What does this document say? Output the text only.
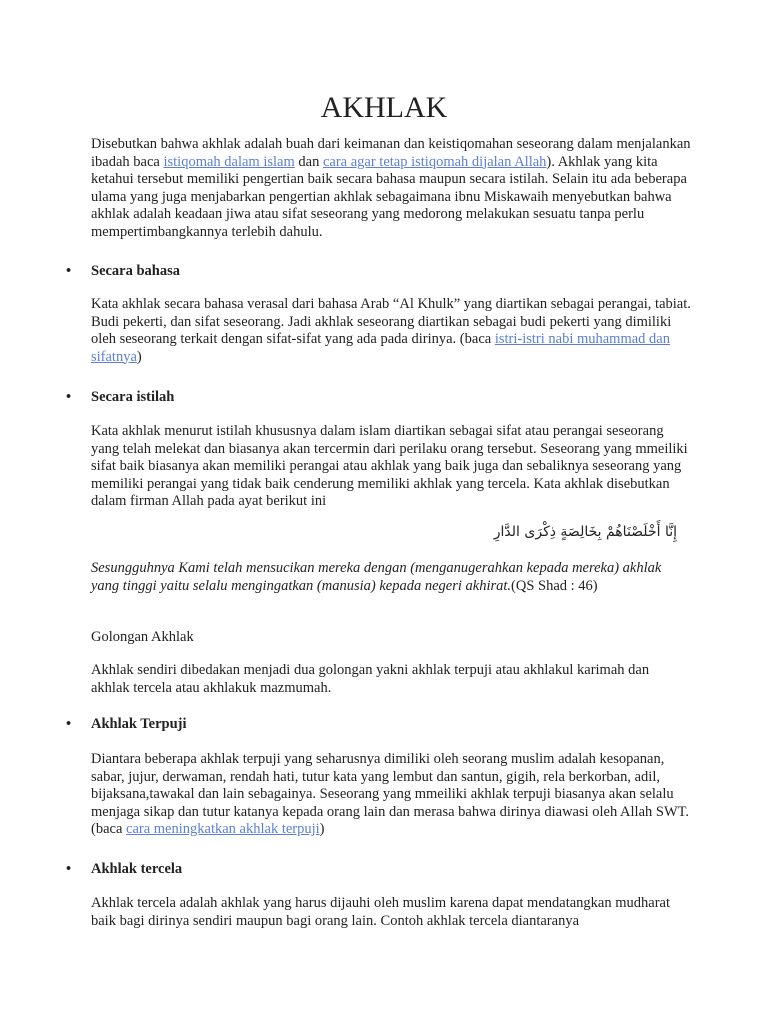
AKHLAK

Disebutkan bahwa akhlak adalah buah dari keimanan dan keistiqomahan seseorang dalam menjalankan ibadah baca istiqomah dalam islam dan cara agar tetap istiqomah dijalan Allah). Akhlak yang kita ketahui tersebut memiliki pengertian baik secara bahasa maupun secara istilah. Selain itu ada beberapa ulama yang juga menjabarkan pengertian akhlak sebagaimana ibnu Miskawaih menyebutkan bahwa akhlak adalah keadaan jiwa atau sifat seseorang yang medorong melakukan sesuatu tanpa perlu mempertimbangkannya terlebih dahulu.

• Secara bahasa

Kata akhlak secara bahasa verasal dari bahasa Arab “Al Khulk” yang diartikan sebagai perangai, tabiat. Budi pekerti, dan sifat seseorang. Jadi akhlak seseorang diartikan sebagai budi pekerti yang dimiliki oleh seseorang terkait dengan sifat-sifat yang ada pada dirinya. (baca istri-istri nabi muhammad dan sifatnya)

• Secara istilah

Kata akhlak menurut istilah khususnya dalam islam diartikan sebagai sifat atau perangai seseorang yang telah melekat dan biasanya akan tercermin dari perilaku orang tersebut. Seseorang yang mmeiliki sifat baik biasanya akan memiliki perangai atau akhlak yang baik juga dan sebaliknya seseorang yang memiliki perangai yang tidak baik cenderung memiliki akhlak yang tercela. Kata akhlak disebutkan dalam firman Allah pada ayat berikut ini

إِنَّا أَخْلَصْنَاهُمْ بِخَالِصَةٍ ذِكْرَى الدَّارِ

Sesungguhnya Kami telah mensucikan mereka dengan (menganugerahkan kepada mereka) akhlak yang tinggi yaitu selalu mengingatkan (manusia) kepada negeri akhirat.(QS Shad : 46)

Golongan Akhlak

Akhlak sendiri dibedakan menjadi dua golongan yakni akhlak terpuji atau akhlakul karimah dan akhlak tercela atau akhlakuk mazmumah.

• Akhlak Terpuji

Diantara beberapa akhlak terpuji yang seharusnya dimiliki oleh seorang muslim adalah kesopanan, sabar, jujur, derwaman, rendah hati, tutur kata yang lembut dan santun, gigih, rela berkorban, adil, bijaksana,tawakal dan lain sebagainya. Seseorang yang mmeiliki akhlak terpuji biasanya akan selalu menjaga sikap dan tutur katanya kepada orang lain dan merasa bahwa dirinya diawasi oleh Allah SWT. (baca cara meningkatkan akhlak terpuji)

• Akhlak tercela

Akhlak tercela adalah akhlak yang harus dijauhi oleh muslim karena dapat mendatangkan mudharat baik bagi dirinya sendiri maupun bagi orang lain. Contoh akhlak tercela diantaranya
